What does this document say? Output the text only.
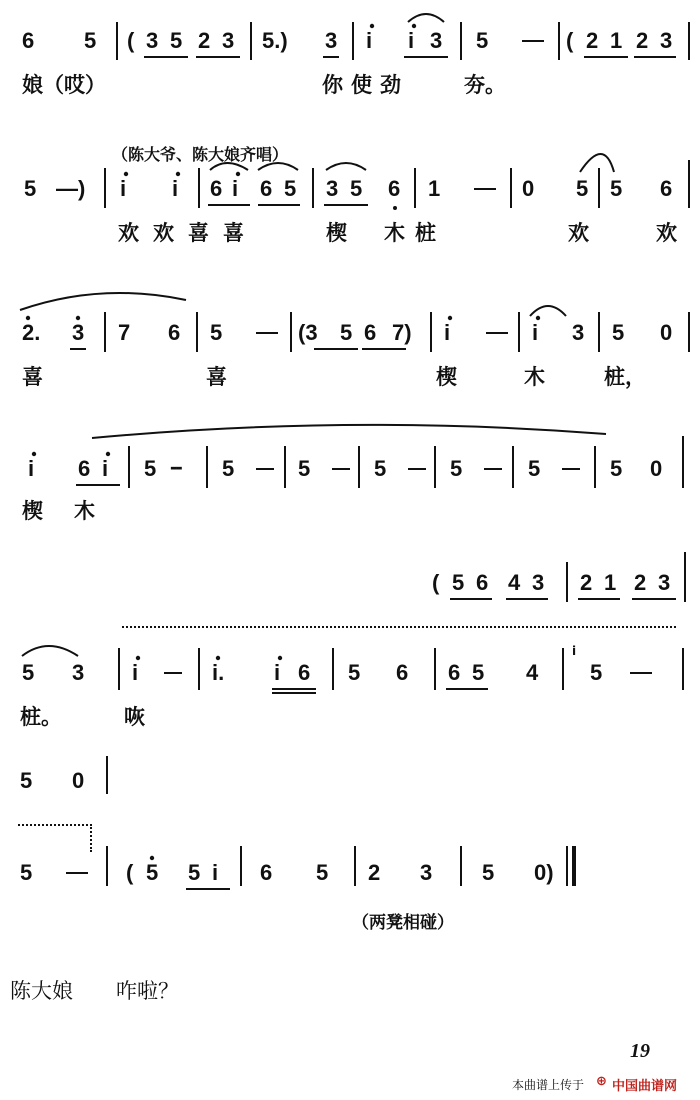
6 5 ( 3 5 2 3 5.) 3 i i 3 5	( 2 1 2 3
娘（哎）	你使劲	夯。
（陈大爷、陈大娘齐唱）
5 —) i i 6 i 6 5 3 5 6 1	0 5 5 6
欢欢喜喜	楔 木桩	欢	欢
2. 3 7 6 5	(3 5 6 7) i	i 3 5 0
喜	喜	楔	木	桩，
i 6 i 5 -- 5	5	5	5	5	5 0
楔 木
( 5 6 4 3 2 1 2 3
5 3 i	i. i 6 5 6 6 5 4
i
5
桩。	咴
5 0
5	( 5 5 i 6 5 2 3 5 0)
（两凳相碰）
陈大娘 咋啦？
19
本曲谱上传于 ⊕ 中国曲谱网
